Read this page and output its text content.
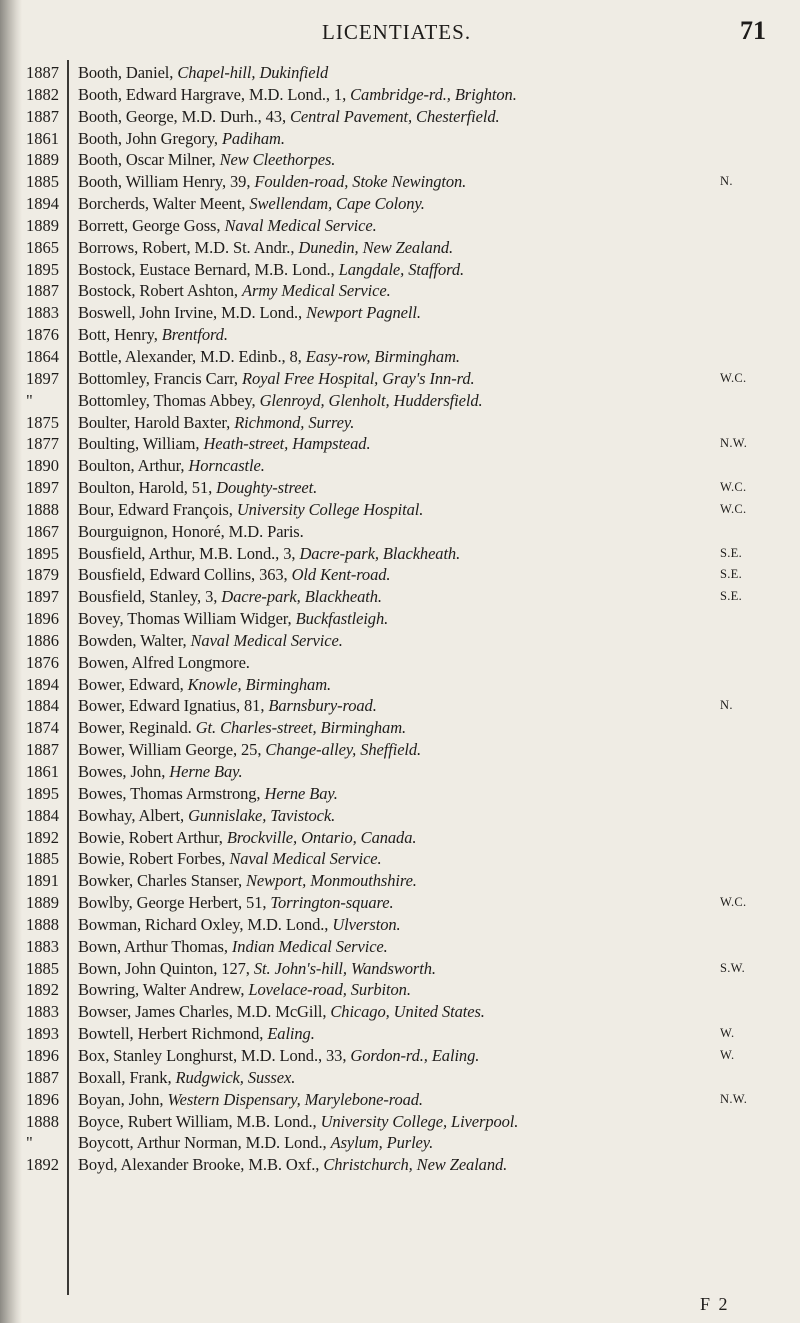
LICENTIATES.	71
1887	Booth, Daniel, Chapel-hill, Dukinfield
1882	Booth, Edward Hargrave, M.D. Lond., 1, Cambridge-rd., Brighton.
1887	Booth, George, M.D. Durh., 43, Central Pavement, Chesterfield.
1861	Booth, John Gregory, Padiham.
1889	Booth, Oscar Milner, New Cleethorpes.
1885	Booth, William Henry, 39, Foulden-road, Stoke Newington.	N.
1894	Borcherds, Walter Meent, Swellendam, Cape Colony.
1889	Borrett, George Goss, Naval Medical Service.
1865	Borrows, Robert, M.D. St. Andr., Dunedin, New Zealand.
1895	Bostock, Eustace Bernard, M.B. Lond., Langdale, Stafford.
1887	Bostock, Robert Ashton, Army Medical Service.
1883	Boswell, John Irvine, M.D. Lond., Newport Pagnell.
1876	Bott, Henry, Brentford.
1864	Bottle, Alexander, M.D. Edinb., 8, Easy-row, Birmingham.
1897	Bottomley, Francis Carr, Royal Free Hospital, Gray's Inn-rd.	W.C.
"	Bottomley, Thomas Abbey, Glenroyd, Glenholt, Huddersfield.
1875	Boulter, Harold Baxter, Richmond, Surrey.
1877	Boulting, William, Heath-street, Hampstead.	N.W.
1890	Boulton, Arthur, Horncastle.
1897	Boulton, Harold, 51, Doughty-street.	W.C.
1888	Bour, Edward François, University College Hospital.	W.C.
1867	Bourguignon, Honoré, M.D. Paris.
1895	Bousfield, Arthur, M.B. Lond., 3, Dacre-park, Blackheath.	S.E.
1879	Bousfield, Edward Collins, 363, Old Kent-road.	S.E.
1897	Bousfield, Stanley, 3, Dacre-park, Blackheath.	S.E.
1896	Bovey, Thomas William Widger, Buckfastleigh.
1886	Bowden, Walter, Naval Medical Service.
1876	Bowen, Alfred Longmore.
1894	Bower, Edward, Knowle, Birmingham.
1884	Bower, Edward Ignatius, 81, Barnsbury-road.	N.
1874	Bower, Reginald. Gt. Charles-street, Birmingham.
1887	Bower, William George, 25, Change-alley, Sheffield.
1861	Bowes, John, Herne Bay.
1895	Bowes, Thomas Armstrong, Herne Bay.
1884	Bowhay, Albert, Gunnislake, Tavistock.
1892	Bowie, Robert Arthur, Brockville, Ontario, Canada.
1885	Bowie, Robert Forbes, Naval Medical Service.
1891	Bowker, Charles Stanser, Newport, Monmouthshire.
1889	Bowlby, George Herbert, 51, Torrington-square.	W.C.
1888	Bowman, Richard Oxley, M.D. Lond., Ulverston.
1883	Bown, Arthur Thomas, Indian Medical Service.
1885	Bown, John Quinton, 127, St. John's-hill, Wandsworth.	S.W.
1892	Bowring, Walter Andrew, Lovelace-road, Surbiton.
1883	Bowser, James Charles, M.D. McGill, Chicago, United States.
1893	Bowtell, Herbert Richmond, Ealing.	W.
1896	Box, Stanley Longhurst, M.D. Lond., 33, Gordon-rd., Ealing.	W.
1887	Boxall, Frank, Rudgwick, Sussex.
1896	Boyan, John, Western Dispensary, Marylebone-road.	N.W.
1888	Boyce, Rubert William, M.B. Lond., University College, Liverpool.
"	Boycott, Arthur Norman, M.D. Lond., Asylum, Purley.
1892	Boyd, Alexander Brooke, M.B. Oxf., Christchurch, New Zealand.
F 2
